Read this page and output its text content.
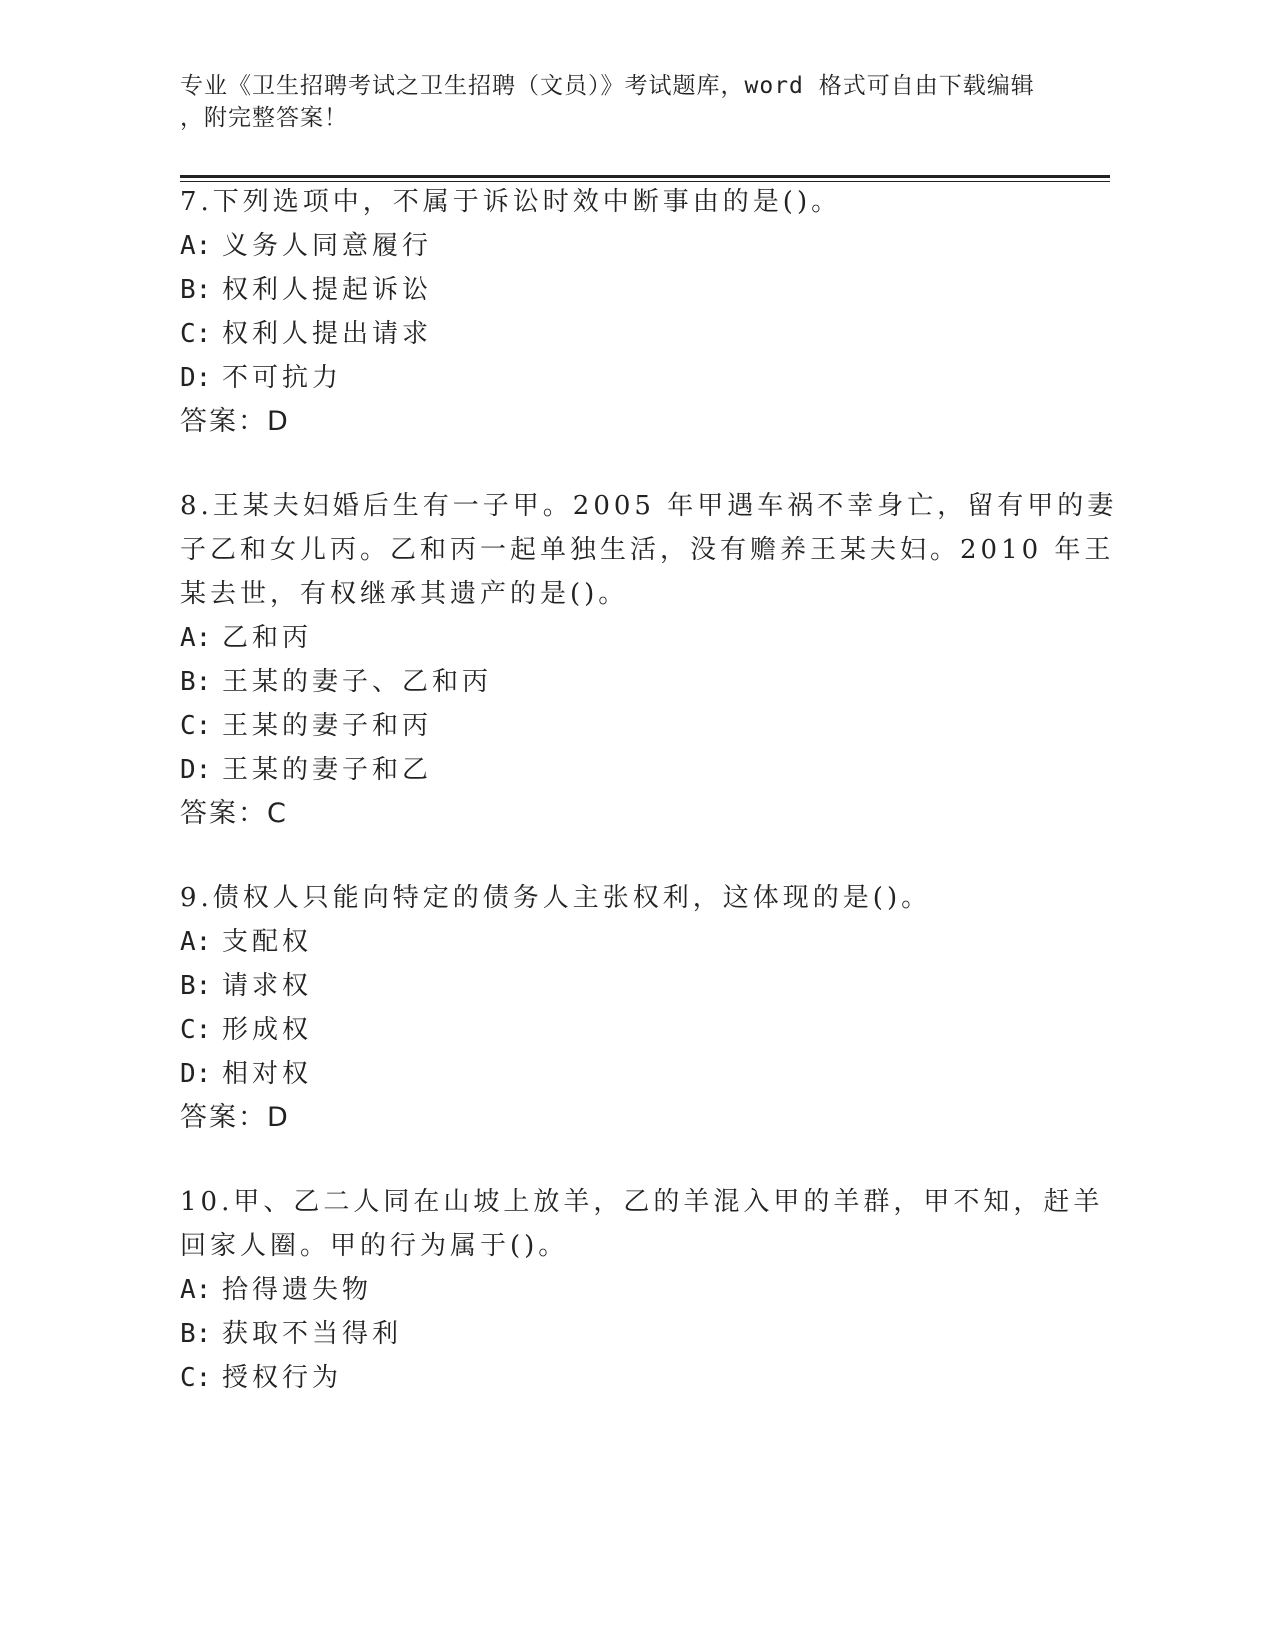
专业《卫生招聘考试之卫生招聘（文员）》考试题库，word 格式可自由下载编辑
，附完整答案！
7.下列选项中，不属于诉讼时效中断事由的是()。
A: 义务人同意履行
B: 权利人提起诉讼
C: 权利人提出请求
D: 不可抗力
答案：D
8.王某夫妇婚后生有一子甲。2005 年甲遇车祸不幸身亡，留有甲的妻
子乙和女儿丙。乙和丙一起单独生活，没有赡养王某夫妇。2010 年王
某去世，有权继承其遗产的是()。
A: 乙和丙
B: 王某的妻子、乙和丙
C: 王某的妻子和丙
D: 王某的妻子和乙
答案：C
9.债权人只能向特定的债务人主张权利，这体现的是()。
A: 支配权
B: 请求权
C: 形成权
D: 相对权
答案：D
10.甲、乙二人同在山坡上放羊，乙的羊混入甲的羊群，甲不知，赶羊
回家人圈。甲的行为属于()。
A: 拾得遗失物
B: 获取不当得利
C: 授权行为
